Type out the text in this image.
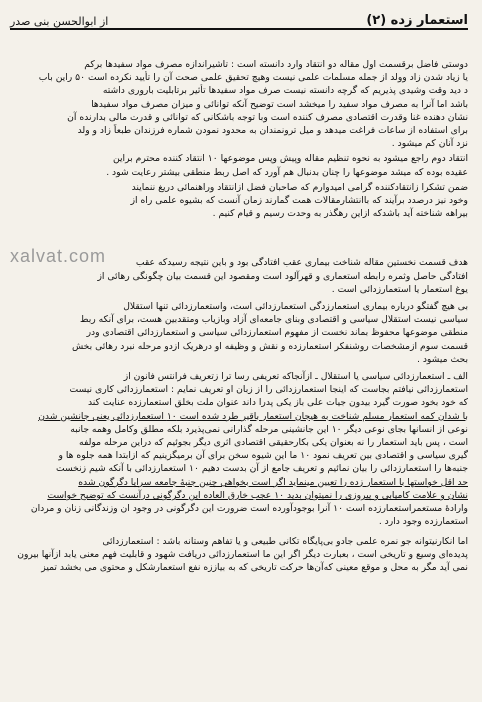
استعمار زده (۲)
از ابوالحسن بنی صدر
xalvat.com

دوستی فاضل برقسمت اول مقاله دو انتقاد وارد دانسته است : تاشیراندازه مصرف مواد سفیدها برکم
یا زیاد شدن زاد وولد از جمله مسلمات علمی نیست وهیچ تحقیق علمی صحت آن را تأیید نکرده است ۵۰ راین باب
د دید وقت وشیدی پذیریم که گرچه دانسته نیست صرف مواد سفیدها تأثیر برتابلیت باروری داشته
باشد اما آنرا به مصرف مواد سفید را میخشد است توضیح آنکه توانائی و میزان مصرف مواد سفیدها
نشان دهنده غنا وقدرت اقتصادی مصرف کننده است وبا توجه باشکانی که توانائی و قدرت مالی بدارنده آن
برای استفاده از ساعات فراغت میدهد و میل ترونمندان به محدود نمودن شماره فرزندان طبعاً زاد و ولد
نزد آنان کم میشود .

انتقاد دوم راجع میشود به نحوه تنظیم مقاله وپیش وپس موضوعها ۱۰ انتقاد کننده محترم براین
عقیده بوده که میشد موضوعها را چنان بدنبال هم آورد که اصل ربط منطقی بیشتر رعایت شود .

ضمن تشکرا زانتقادکننده گرامی امیدوارم که صاحبان فضل ازانتقاد وراهنمائی دریغ ننمایند
وخود نیز درصدد برآیند که باانتشارمقالات همت گمارند زمان آنست که بشیوه علمی راه از
بیراهه شناخته آید باشدکه ازاین رهگذر به وحدت رسیم و قیام کنیم .

هدف قسمت نخستین مقاله شناخت بیماری عقب افتادگی بود و باین نتیجه رسیدکه عقب
افتادگی حاصل وثمره رابطه استعماری و قهرآلود است ومقصود این قسمت بیان چگونگی رهائی از
یوغ استعمار یا استعمارزدائی است .

بی هیچ گفتگو درباره بیماری استعمارزدگی استعمارزدائی است، واستعمارزدائی تنها استقلال
سیاسی نیست استقلال سیاسی و اقتصادی وبنای جامعه‌ای آزاد وبازیاب ومتقدبین هست، برای آنکه ربط
منطقی موضوعها محفوظ بماند نخست از مفهوم استعمارزدائی سیاسی و استعمارزدائی اقتصادی ودر
قسمت سوم ازمشخصات روشنفکر استعمارزده و نقش و وظیفه‌ او درهریک ازدو مرحله نبرد رهائی بخش
بحث میشود .

الف ـ استعمارزدائی سیاسی یا استقلال ـ ازآنجاکه تعریفی رسا ترا زتعریف فرانتس فانون از
استعمارزدائی نیافتم بجاست که اینجا استعمارزدائی را از زبان او تعریف نمایم : استعمارزدائی کاری نیست
که خود بخود صورت گیرد بیدون جیات علی باز یکی پدرا داند عنوان ملت بخلق استعمارزده عنایت کند
با شدان کمه استعمار مسلم شناخت به هیجان استعمار باقیر طرد شده است ۱۰ استعمارزدائی یعنی جانشین شدن
نوعی از انسانها بجای نوعی دیگر ۱۰ این جانشینی مرحله گذارانی نمی‌پذیرد بلکه مطلق وکامل وهمه جانبه
است ، پس باید استعمار را نه بعنوان یکی بکارحقیقی اقتصادی اثری دیگر بجوئیم که دراین مرحله مولفه
گیری سیاسی و اقتصادی بین تعریف نمود ۱۰ ما این شیوه سخن برای آن برمیگزینیم که ازابتدا همه جلوه ها و
جنبه‌ها را استعمارزدائی را بیان نمائیم و تعریف جامع از آن بدست دهیم ۱۰ استعمارزدائی با آنکه شیم زنخست
حد اقل خواستها با استعمار زده را تعیین مینماید اگر است بخواهی چنین جنبهٔ جامعه سراپا دگرگون شده
نشان و علامت کامیابی و پیروزی را نمیتوان بدید ۱۰ عجب خارق العاده این دگرگونی درآنست که توضیح خواست
وارادهٔ مستعمراستعمارزده است ۱۰ آنرا بوجودآورده است ضرورت این دگرگونی در وجود ان وزندگانی زنان و مردان
استعمارزده وجود دارد .

اما انکارنیتوانه جو نمره علمی جادو بی‌پایگاه تکانی طبیعی و یا تفاهم وستانه باشد : استعمارزدائی
پدیده‌ای وسیع و تاریخی است ، بعبارت دیگر اگر این ما استعمارزدائی دریافت شهود و قابلیت فهم معنی یابد ازآنها بیرون
نمی آید مگر به محل و موقع معینی که‌آن‌ها حرکت تاریخی که به بیاززه نفع استعمارشکل و محتوی می بخشد تمیز
